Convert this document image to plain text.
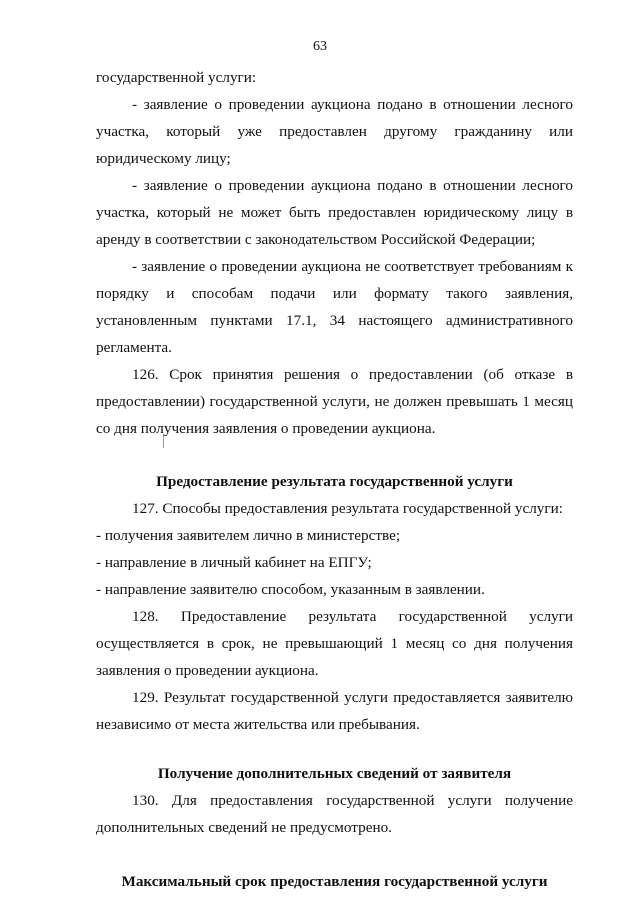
63

государственной услуги:

- заявление о проведении аукциона подано в отношении лесного участка, который уже предоставлен другому гражданину или юридическому лицу;

- заявление о проведении аукциона подано в отношении лесного участка, который не может быть предоставлен юридическому лицу в аренду в соответствии с законодательством Российской Федерации;

- заявление о проведении аукциона не соответствует требованиям к порядку и способам подачи или формату такого заявления, установленным пунктами 17.1, 34 настоящего административного регламента.

126. Срок принятия решения о предоставлении (об отказе в предоставлении) государственной услуги, не должен превышать 1 месяц со дня получения заявления о проведении аукциона.

Предоставление результата государственной услуги

127. Способы предоставления результата государственной услуги:

- получения заявителем лично в министерстве;

- направление в личный кабинет на ЕПГУ;

- направление заявителю способом, указанным в заявлении.

128. Предоставление результата государственной услуги осуществляется в срок, не превышающий 1 месяц со дня получения заявления о проведении аукциона.

129. Результат государственной услуги предоставляется заявителю независимо от места жительства или пребывания.

Получение дополнительных сведений от заявителя

130. Для предоставления государственной услуги получение дополнительных сведений не предусмотрено.

Максимальный срок предоставления государственной услуги
